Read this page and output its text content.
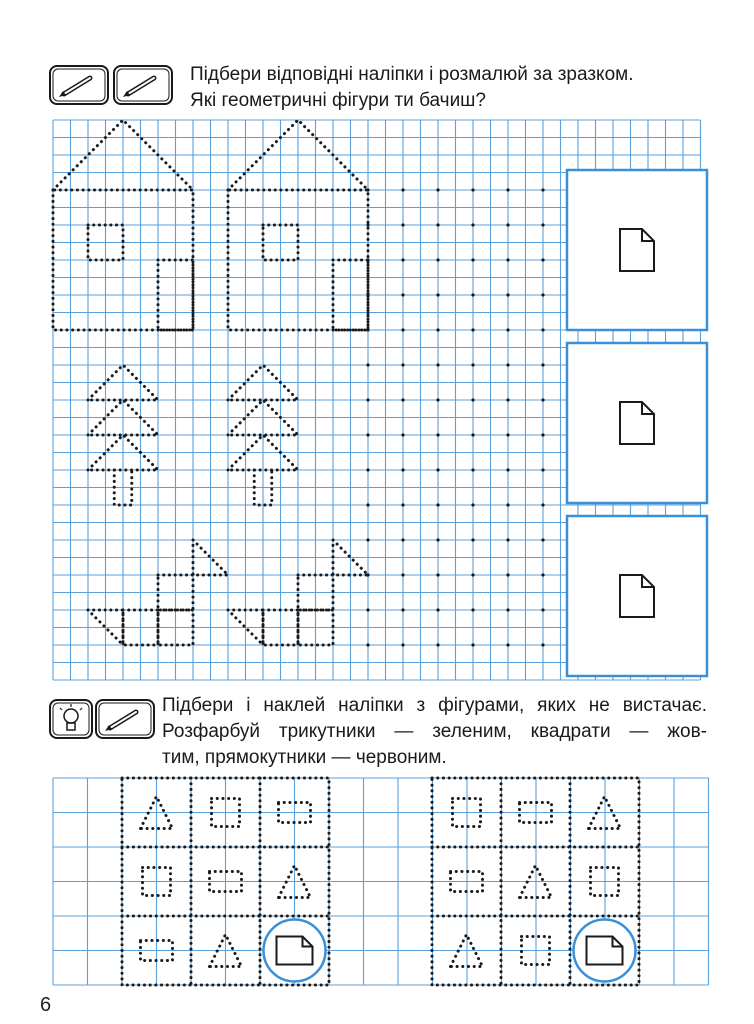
Підбери відповідні наліпки і розмалюй за зразком.
Які геометричні фігури ти бачиш?
Підбери і наклей наліпки з фігурами, яких не вистачає.
Розфарбуй трикутники — зеленим, квадрати — жов-
тим, прямокутники — червоним.
6
